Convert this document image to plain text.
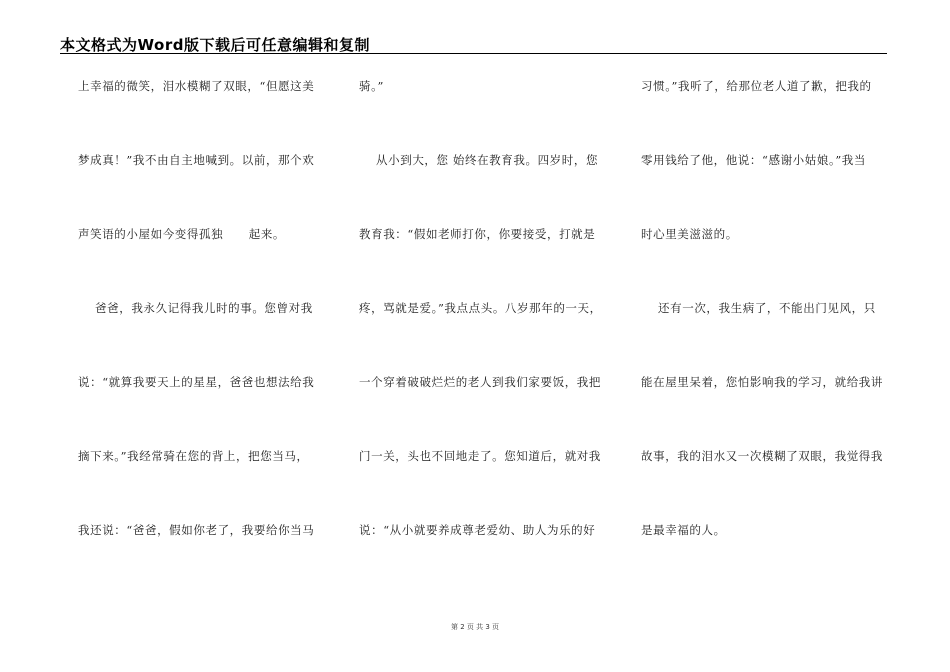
本文格式为Word版下载后可任意编辑和复制
上幸福的微笑，泪水模糊了双眼，“但愿这美
梦成真！”我不由自主地喊到。以前，那个欢
声笑语的小屋如今变得孤独      起来。
爸爸，我永久记得我儿时的事。您曾对我
说：“就算我要天上的星星，爸爸也想法给我
摘下来。”我经常骑在您的背上，把您当马，
我还说：“爸爸，假如你老了，我要给你当马
骑。”
从小到大，您 始终在教育我。四岁时，您
教育我：“假如老师打你，你要接受，打就是
疼，骂就是爱。”我点点头。八岁那年的一天，
一个穿着破破烂烂的老人到我们家要饭，我把
门一关，头也不回地走了。您知道后，就对我
说：“从小就要养成尊老爱幼、助人为乐的好
习惯。”我听了，给那位老人道了歉，把我的
零用钱给了他，他说：“感谢小姑娘。”我当
时心里美滋滋的。
还有一次，我生病了，不能出门见风，只
能在屋里呆着，您怕影响我的学习，就给我讲
故事，我的泪水又一次模糊了双眼，我觉得我
是最幸福的人。
第 2 页 共 3 页
